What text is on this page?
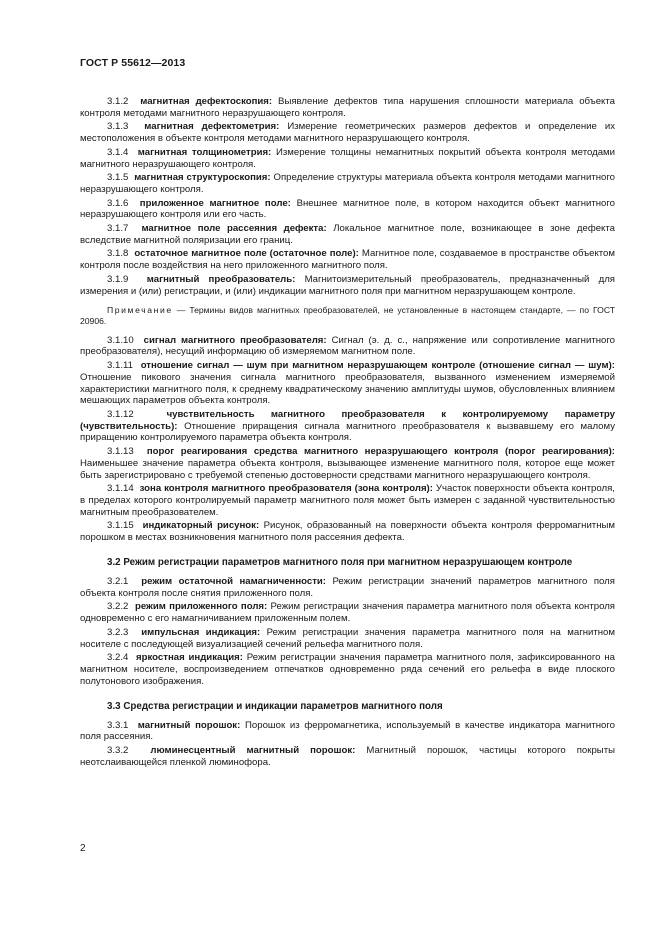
ГОСТ Р 55612—2013

3.1.2 магнитная дефектоскопия: Выявление дефектов типа нарушения сплошности материала объекта контроля методами магнитного неразрушающего контроля.

3.1.3 магнитная дефектометрия: Измерение геометрических размеров дефектов и определение их местоположения в объекте контроля методами магнитного неразрушающего контроля.

3.1.4 магнитная толщинометрия: Измерение толщины немагнитных покрытий объекта контроля методами магнитного неразрушающего контроля.

3.1.5 магнитная структуроскопия: Определение структуры материала объекта контроля методами магнитного неразрушающего контроля.

3.1.6 приложенное магнитное поле: Внешнее магнитное поле, в котором находится объект магнитного неразрушающего контроля или его часть.

3.1.7 магнитное поле рассеяния дефекта: Локальное магнитное поле, возникающее в зоне дефекта вследствие магнитной поляризации его границ.

3.1.8 остаточное магнитное поле (остаточное поле): Магнитное поле, создаваемое в пространстве объектом контроля после воздействия на него приложенного магнитного поля.

3.1.9 магнитный преобразователь: Магнитоизмерительный преобразователь, предназначенный для измерения и (или) регистрации, и (или) индикации магнитного поля при магнитном неразрушающем контроле.

Примечание — Термины видов магнитных преобразователей, не установленные в настоящем стандарте, — по ГОСТ 20906.

3.1.10 сигнал магнитного преобразователя: Сигнал (э. д. с., напряжение или сопротивление магнитного преобразователя), несущий информацию об измеряемом магнитном поле.

3.1.11 отношение сигнал — шум при магнитном неразрушающем контроле (отношение сигнал — шум): Отношение пикового значения сигнала магнитного преобразователя, вызванного изменением измеряемой характеристики магнитного поля, к среднему квадратическому значению амплитуды шумов, обусловленных влиянием мешающих параметров объекта контроля.

3.1.12	чувствительность магнитного преобразователя к контролируемому параметру (чувствительность): Отношение приращения сигнала магнитного преобразователя к вызвавшему его малому приращению контролируемого параметра объекта контроля.

3.1.13 порог реагирования средства магнитного неразрушающего контроля (порог реагирования): Наименьшее значение параметра объекта контроля, вызывающее изменение магнитного поля, которое еще может быть зарегистрировано с требуемой степенью достоверности средствами магнитного неразрушающего контроля.

3.1.14 зона контроля магнитного преобразователя (зона контроля): Участок поверхности объекта контроля, в пределах которого контролируемый параметр магнитного поля может быть измерен с заданной чувствительностью магнитным преобразователем.

3.1.15 индикаторный рисунок: Рисунок, образованный на поверхности объекта контроля ферромагнитным порошком в местах возникновения магнитного поля рассеяния дефекта.

3.2 Режим регистрации параметров магнитного поля при магнитном неразрушающем контроле

3.2.1 режим остаточной намагниченности: Режим регистрации значений параметров магнитного поля объекта контроля после снятия приложенного поля.

3.2.2 режим приложенного поля: Режим регистрации значения параметра магнитного поля объекта контроля одновременно с его намагничиванием приложенным полем.

3.2.3 импульсная индикация: Режим регистрации значения параметра магнитного поля на магнитном носителе с последующей визуализацией сечений рельефа магнитного поля.

3.2.4 яркостная индикация: Режим регистрации значения параметра магнитного поля, зафиксированного на магнитном носителе, воспроизведением отпечатков одновременно ряда сечений его рельефа в виде плоского полутонового изображения.

3.3 Средства регистрации и индикации параметров магнитного поля

3.3.1 магнитный порошок: Порошок из ферромагнетика, используемый в качестве индикатора магнитного поля рассеяния.

3.3.2 люминесцентный магнитный порошок: Магнитный порошок, частицы которого покрыты неотслаивающейся пленкой люминофора.

2
